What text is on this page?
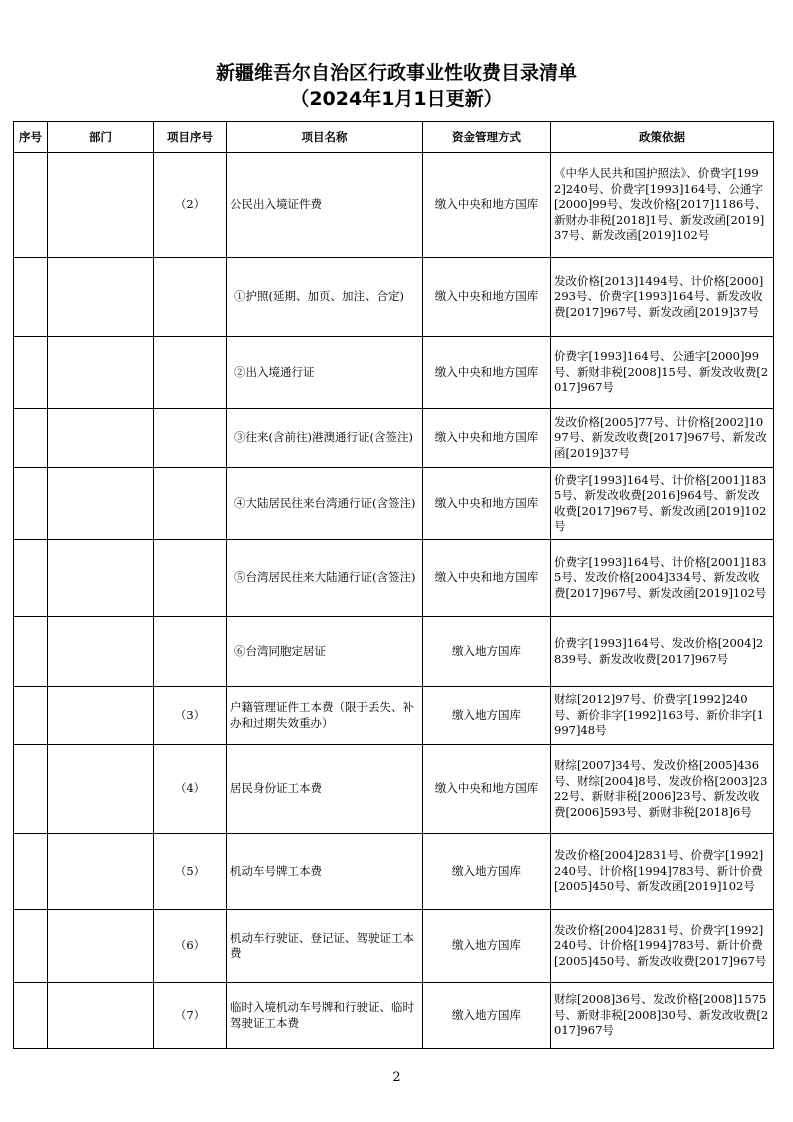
新疆维吾尔自治区行政事业性收费目录清单
（2024年1月1日更新）
序号	部门	项目序号	项目名称	资金管理方式	政策依据
		（2）	公民出入境证件费	缴入中央和地方国库	《中华人民共和国护照法》、价费字[1992]240号、价费字[1993]164号、公通字[2000]99号、发改价格[2017]1186号、新财办非税[2018]1号、新发改函[2019]37号、新发改函[2019]102号
			①护照(延期、加页、加注、合定)	缴入中央和地方国库	发改价格[2013]1494号、计价格[2000]293号、价费字[1993]164号、新发改收费[2017]967号、新发改函[2019]37号
			②出入境通行证	缴入中央和地方国库	价费字[1993]164号、公通字[2000]99号、新财非税[2008]15号、新发改收费[2017]967号
			③往来(含前往)港澳通行证(含签注)	缴入中央和地方国库	发改价格[2005]77号、计价格[2002]1097号、新发改收费[2017]967号、新发改函[2019]37号
			④大陆居民往来台湾通行证(含签注)	缴入中央和地方国库	价费字[1993]164号、计价格[2001]1835号、新发改收费[2016]964号、新发改收费[2017]967号、新发改函[2019]102号
			⑤台湾居民往来大陆通行证(含签注)	缴入中央和地方国库	价费字[1993]164号、计价格[2001]1835号、发改价格[2004]334号、新发改收费[2017]967号、新发改函[2019]102号
			⑥台湾同胞定居证	缴入地方国库	价费字[1993]164号、发改价格[2004]2839号、新发改收费[2017]967号
		（3）	户籍管理证件工本费（限于丢失、补办和过期失效重办）	缴入地方国库	财综[2012]97号、价费字[1992]240号、新价非字[1992]163号、新价非字[1997]48号
		（4）	居民身份证工本费	缴入中央和地方国库	财综[2007]34号、发改价格[2005]436号、财综[2004]8号、发改价格[2003]2322号、新财非税[2006]23号、新发改收费[2006]593号、新财非税[2018]6号
		（5）	机动车号牌工本费	缴入地方国库	发改价格[2004]2831号、价费字[1992]240号、计价格[1994]783号、新计价费[2005]450号、新发改函[2019]102号
		（6）	机动车行驶证、登记证、驾驶证工本费	缴入地方国库	发改价格[2004]2831号、价费字[1992]240号、计价格[1994]783号、新计价费[2005]450号、新发改收费[2017]967号
		（7）	临时入境机动车号牌和行驶证、临时驾驶证工本费	缴入地方国库	财综[2008]36号、发改价格[2008]1575号、新财非税[2008]30号、新发改收费[2017]967号
2
